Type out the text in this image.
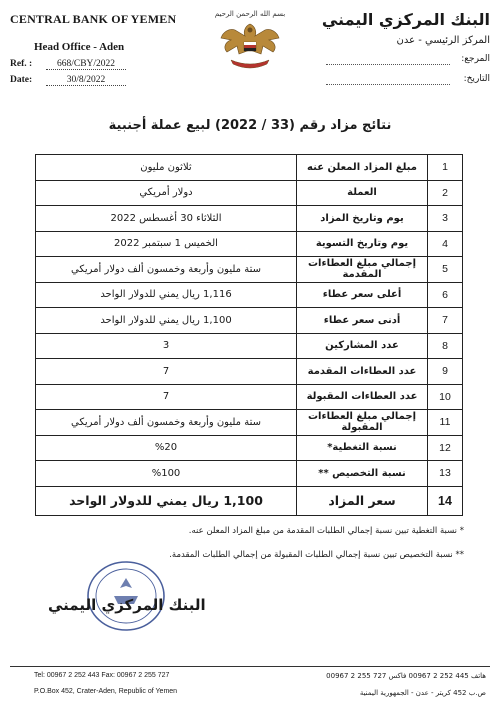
CENTRAL BANK OF YEMEN
Head Office - Aden
Ref. :	668/CBY/2022
Date:	30/8/2022
بسم الله الرحمن الرحيم البنك المركزي اليمني
المركز الرئيسي - عدن
المرجع:
التاريخ:
نتائج مزاد رقم (33 / 2022) لبيع عملة أجنبية
1	مبلغ المزاد المعلن عنه	ثلاثون مليون
2	العملة	دولار أمريكي
3	يوم وتاريخ المزاد	الثلاثاء 30 أغسطس 2022
4	يوم وتاريخ التسوية	الخميس 1 سبتمبر 2022
5	إجمالي مبلغ العطاءات المقدمة	ستة مليون وأربعة وخمسون ألف دولار أمريكي
6	أعلى سعر عطاء	1,116 ريال يمني للدولار الواحد
7	أدنى سعر عطاء	1,100 ريال يمني للدولار الواحد
8	عدد المشاركين	3
9	عدد العطاءات المقدمة	7
10	عدد العطاءات المقبولة	7
11	إجمالي مبلغ العطاءات المقبولة	ستة مليون وأربعة وخمسون ألف دولار أمريكي
12	نسبة التغطية*	%20
13	نسبة التخصيص **	%100
14	سعر المزاد	1,100 ريال يمني للدولار الواحد
* نسبة التغطية تبين نسبة إجمالي الطلبات المقدمة من مبلغ المزاد المعلن عنه.
** نسبة التخصيص تبين نسبة إجمالي الطلبات المقبولة من إجمالي الطلبات المقدمة.
البنك المركزي اليمني
Tel: 00967 2 252 443 Fax: 00967 2 255 727
P.O.Box 452, Crater-Aden, Republic of Yemen
هاتف 445 252 2 00967 فاكس 727 255 2 00967
ص.ب 452 كريتر - عدن - الجمهورية اليمنية
